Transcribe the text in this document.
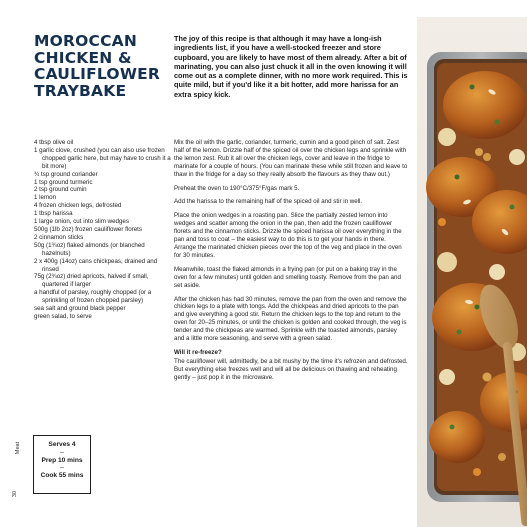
MOROCCAN
CHICKEN &
CAULIFLOWER
TRAYBAKE
The joy of this recipe is that although it may have a long-ish ingredients list, if you have a well-stocked freezer and store cupboard, you are likely to have most of them already. After a bit of marinating, you can also just chuck it all in the oven knowing it will come out as a complete dinner, with no more work required. This is quite mild, but if you'd like it a bit hotter, add more harissa for an extra spicy kick.
4 tbsp olive oil
1 garlic clove, crushed (you can also use frozen chopped garlic here, but may have to crush it a bit more)
¾ tsp ground coriander
1 tsp ground turmeric
2 tsp ground cumin
1 lemon
4 frozen chicken legs, defrosted
1 tbsp harissa
1 large onion, cut into slim wedges
500g (1lb 2oz) frozen cauliflower florets
2 cinnamon sticks
50g (1¾oz) flaked almonds (or blanched hazelnuts)
2 x 400g (14oz) cans chickpeas, drained and rinsed
75g (2¾oz) dried apricots, halved if small, quartered if larger
a handful of parsley, roughly chopped (or a sprinkling of frozen chopped parsley)
sea salt and ground black pepper
green salad, to serve

Mix the oil with the garlic, coriander, turmeric, cumin and a good pinch of salt. Zest half of the lemon. Drizzle half of the spiced oil over the chicken legs and sprinkle with the lemon zest. Rub it all over the chicken legs, cover and leave in the fridge to marinate for a couple of hours. (You can marinate these while still frozen and leave to thaw in the fridge for a day so they really absorb the flavours as they thaw out.)

Preheat the oven to 190°C/375°F/gas mark 5.

Add the harissa to the remaining half of the spiced oil and stir in well.

Place the onion wedges in a roasting pan. Slice the partially zested lemon into wedges and scatter among the onion in the pan, then add the frozen cauliflower florets and the cinnamon sticks. Drizzle the spiced harissa oil over everything in the pan and toss to coat – the easiest way to do this is to get your hands in there. Arrange the marinated chicken pieces over the top of the veg and place in the oven for 30 minutes.

Meanwhile, toast the flaked almonds in a frying pan (or put on a baking tray in the oven for a few minutes) until golden and smelling toasty. Remove from the pan and set aside.

After the chicken has had 30 minutes, remove the pan from the oven and remove the chicken legs to a plate with tongs. Add the chickpeas and dried apricots to the pan and give everything a good stir. Return the chicken legs to the top and return to the oven for 20–25 minutes, or until the chicken is golden and cooked through, the veg is tender and the chickpeas are warmed. Sprinkle with the toasted almonds, parsley and a little more seasoning, and serve with a green salad.

Will it re-freeze?

The cauliflower will, admittedly, be a bit mushy by the time it's refrozen and defrosted. But everything else freezes well and will all be delicious on thawing and reheating gently – just pop it in the microwave.

Serves 4
–
Prep 10 mins
–
Cook 55 mins
Meat
30
